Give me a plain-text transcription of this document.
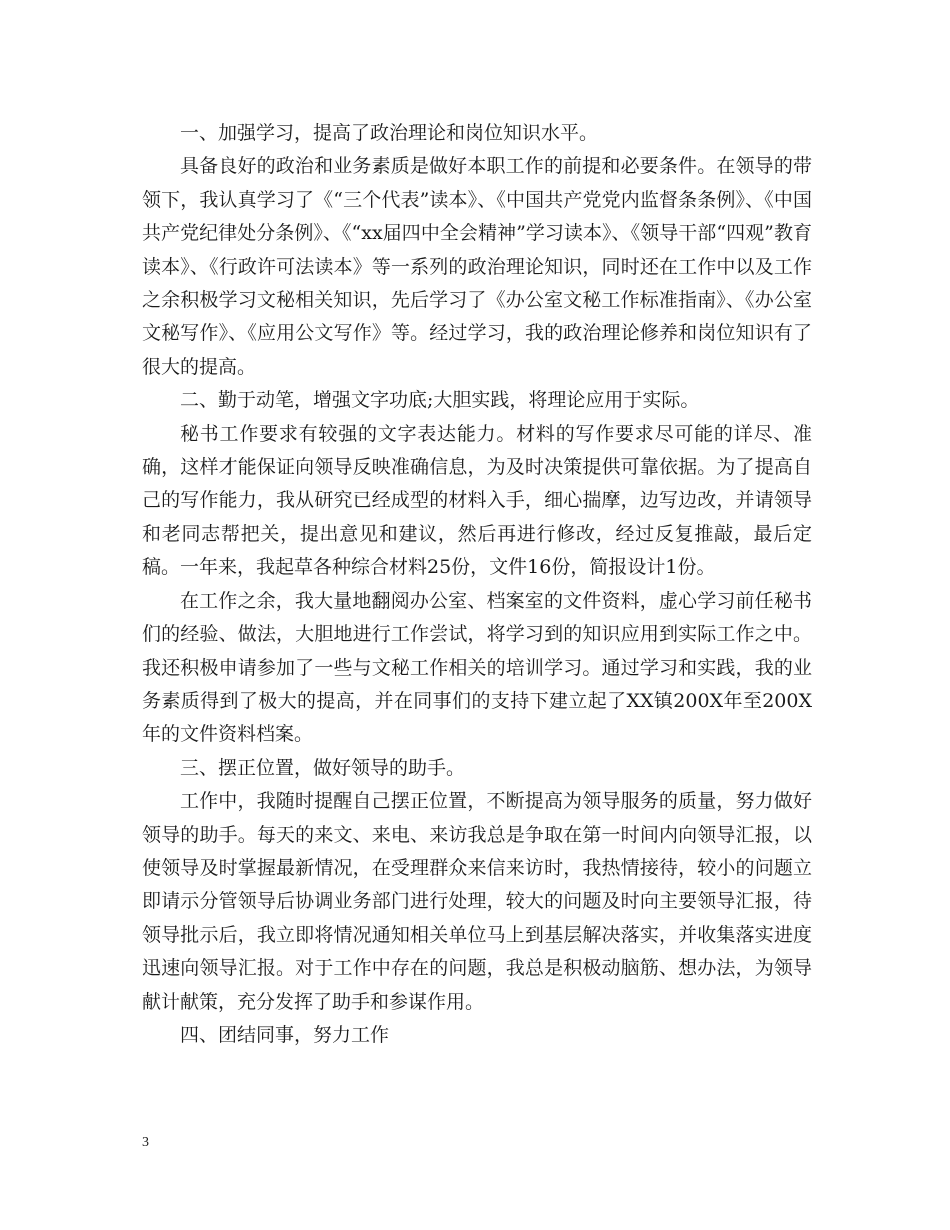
一、加强学习，提高了政治理论和岗位知识水平。

具备良好的政治和业务素质是做好本职工作的前提和必要条件。在领导的带领下，我认真学习了《“三个代表”读本》、《中国共产党党内监督条条例》、《中国共产党纪律处分条例》、《“xx届四中全会精神”学习读本》、《领导干部“四观”教育读本》、《行政许可法读本》等一系列的政治理论知识，同时还在工作中以及工作之余积极学习文秘相关知识，先后学习了《办公室文秘工作标准指南》、《办公室文秘写作》、《应用公文写作》等。经过学习，我的政治理论修养和岗位知识有了很大的提高。

二、勤于动笔，增强文字功底;大胆实践，将理论应用于实际。

秘书工作要求有较强的文字表达能力。材料的写作要求尽可能的详尽、准确，这样才能保证向领导反映准确信息，为及时决策提供可靠依据。为了提高自己的写作能力，我从研究已经成型的材料入手，细心揣摩，边写边改，并请领导和老同志帮把关，提出意见和建议，然后再进行修改，经过反复推敲，最后定稿。一年来，我起草各种综合材料25份，文件16份，简报设计1份。

在工作之余，我大量地翻阅办公室、档案室的文件资料，虚心学习前任秘书们的经验、做法，大胆地进行工作尝试，将学习到的知识应用到实际工作之中。我还积极申请参加了一些与文秘工作相关的培训学习。通过学习和实践，我的业务素质得到了极大的提高，并在同事们的支持下建立起了XX镇200X年至200X年的文件资料档案。

三、摆正位置，做好领导的助手。

工作中，我随时提醒自己摆正位置，不断提高为领导服务的质量，努力做好领导的助手。每天的来文、来电、来访我总是争取在第一时间内向领导汇报，以使领导及时掌握最新情况，在受理群众来信来访时，我热情接待，较小的问题立即请示分管领导后协调业务部门进行处理，较大的问题及时向主要领导汇报，待领导批示后，我立即将情况通知相关单位马上到基层解决落实，并收集落实进度迅速向领导汇报。对于工作中存在的问题，我总是积极动脑筋、想办法，为领导献计献策，充分发挥了助手和参谋作用。

四、团结同事，努力工作

3
